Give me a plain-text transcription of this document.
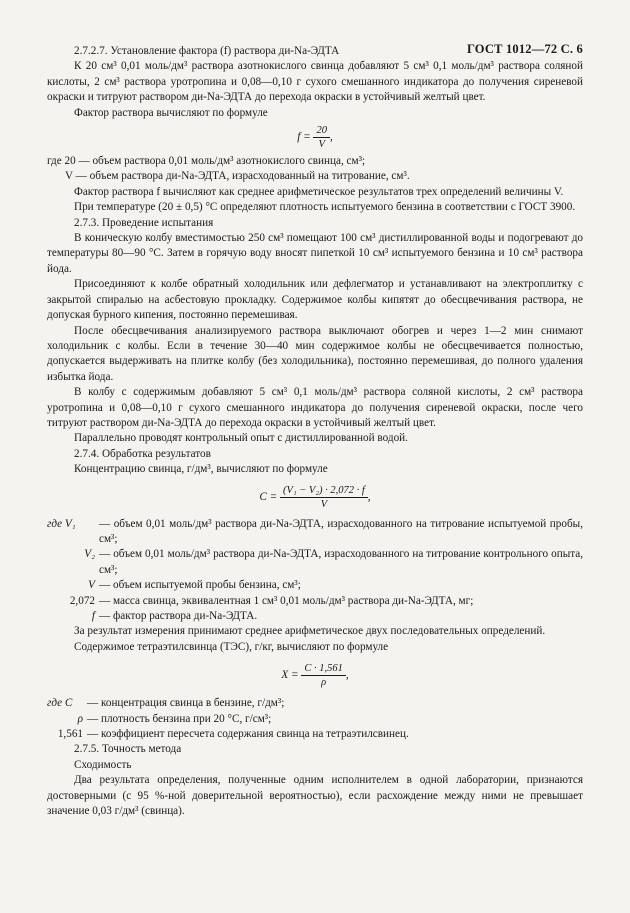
ГОСТ 1012—72 С. 6

2.7.2.7. Установление фактора (f) раствора ди-Na-ЭДТА

К 20 см³ 0,01 моль/дм³ раствора азотнокислого свинца добавляют 5 см³ 0,1 моль/дм³ раствора соляной кислоты, 2 см³ раствора уротропина и 0,08—0,10 г сухого смешанного индикатора до получения сиреневой окраски и титруют раствором ди-Na-ЭДТА до перехода окраски в устойчивый желтый цвет.

Фактор раствора вычисляют по формуле

$f = \frac{20}{V}$ ,

где 20 — объем раствора 0,01 моль/дм³ азотнокислого свинца, см³;

V — объем раствора ди-Na-ЭДТА, израсходованный на титрование, см³.

Фактор раствора f вычисляют как среднее арифметическое результатов трех определений величины V.

При температуре (20 ± 0,5) °С определяют плотность испытуемого бензина в соответствии с ГОСТ 3900.

2.7.3. Проведение испытания

В коническую колбу вместимостью 250 см³ помещают 100 см³ дистиллированной воды и подогревают до температуры 80—90 °С. Затем в горячую воду вносят пипеткой 10 см³ испытуемого бензина и 10 см³ раствора йода.

Присоединяют к колбе обратный холодильник или дефлегматор и устанавливают на электроплитку с закрытой спиралью на асбестовую прокладку. Содержимое колбы кипятят до обесцвечивания раствора, не допуская бурного кипения, постоянно перемешивая.

После обесцвечивания анализируемого раствора выключают обогрев и через 1—2 мин снимают холодильник с колбы. Если в течение 30—40 мин содержимое колбы не обесцвечивается полностью, допускается выдерживать на плитке колбу (без холодильника), постоянно перемешивая, до полного удаления избытка йода.

В колбу с содержимым добавляют 5 см³ 0,1 моль/дм³ раствора соляной кислоты, 2 см³ раствора уротропина и 0,08—0,10 г сухого смешанного индикатора до получения сиреневой окраски, после чего титруют раствором ди-Na-ЭДТА до перехода окраски в устойчивый желтый цвет.

Параллельно проводят контрольный опыт с дистиллированной водой.

2.7.4. Обработка результатов

Концентрацию свинца, г/дм³, вычисляют по формуле

$C = \frac{\text{(V₁ − V₂) · 2,072 · f}}{V}$ ,
где V₁	— объем 0,01 моль/дм³ раствора ди-Na-ЭДТА, израсходованного на титрование испытуемой пробы, см³;
V₂ — объем 0,01 моль/дм³ раствора ди-Na-ЭДТА, израсходованного на титрование контрольного опыта, см³;
V — объем испытуемой пробы бензина, см³;
2,072 — масса свинца, эквивалентная 1 см³ 0,01 моль/дм³ раствора ди-Na-ЭДТА, мг;
f — фактор раствора ди-Na-ЭДТА.

За результат измерения принимают среднее арифметическое двух последовательных определений.

Содержимое тетраэтилсвинца (ТЭС), г/кг, вычисляют по формуле

$X = \frac{C \cdot 1,561}{\rho}$ ,
где C	— концентрация свинца в бензине, г/дм³;
ρ — плотность бензина при 20 °С, г/см³;
1,561 — коэффициент пересчета содержания свинца на тетраэтилсвинец.

2.7.5. Точность метода

Сходимость

Два результата определения, полученные одним исполнителем в одной лаборатории, признаются достоверными (с 95 %-ной доверительной вероятностью), если расхождение между ними не превышает значение 0,03 г/дм³ (свинца).
